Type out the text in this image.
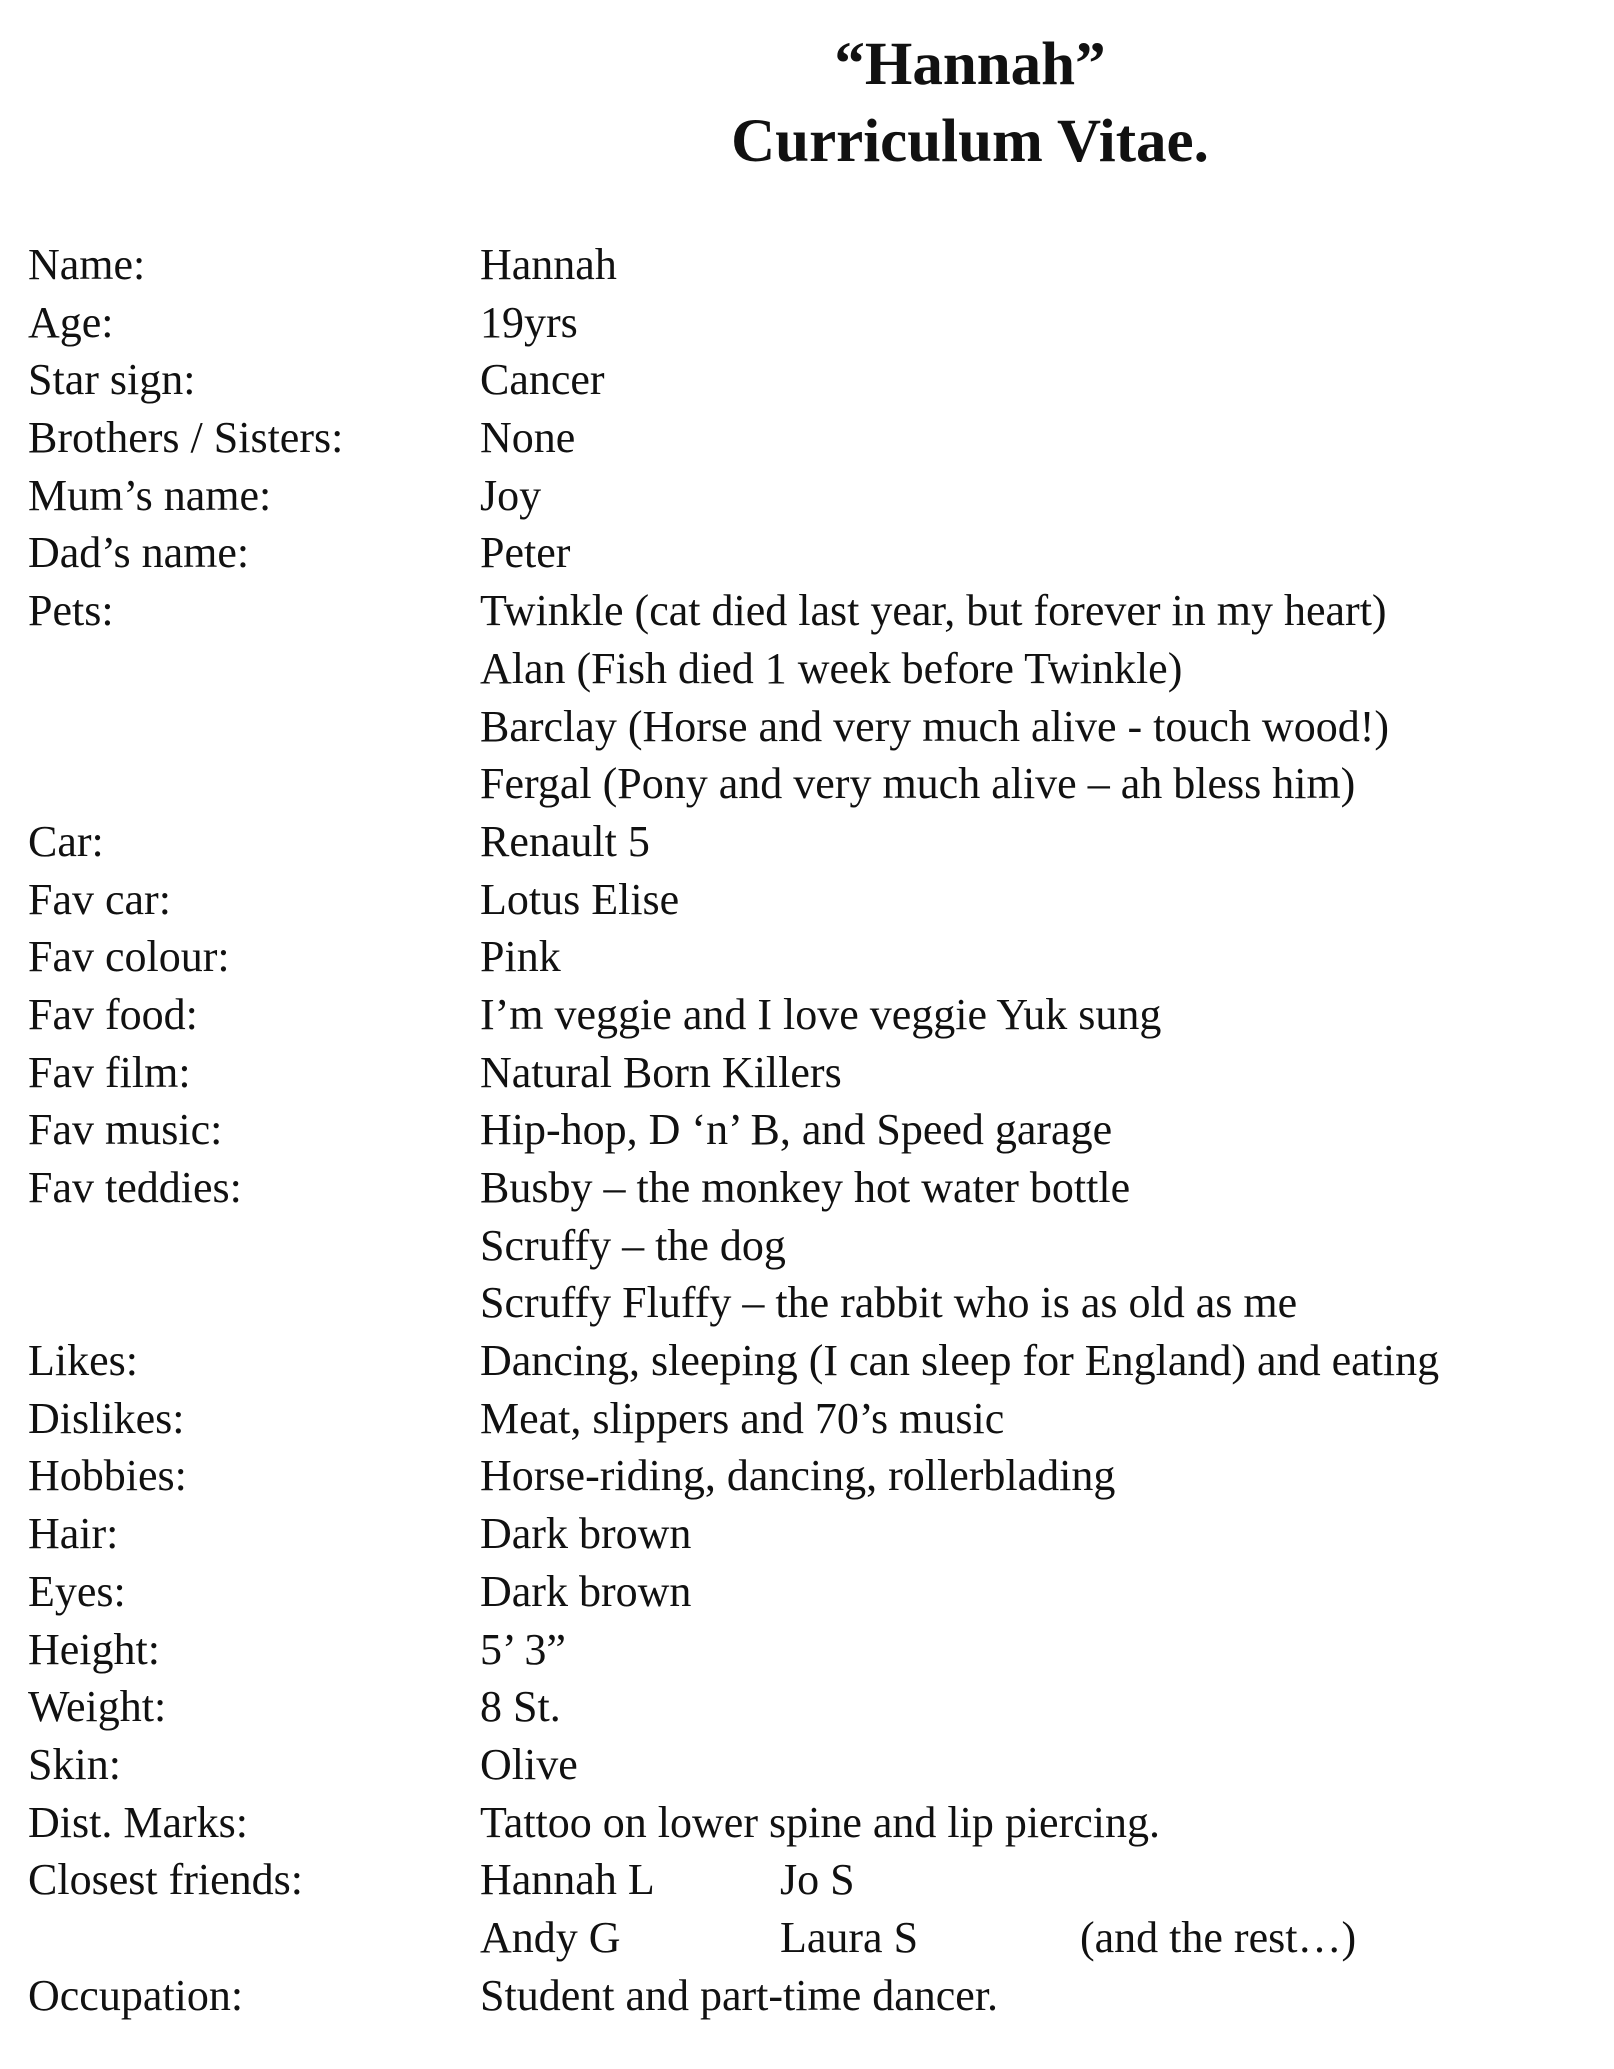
“Hannah”
Curriculum Vitae.
Name:	Hannah
Age:	19yrs
Star sign:	Cancer
Brothers / Sisters:	None
Mum’s name:	Joy
Dad’s name:	Peter
Pets:	Twinkle (cat died last year, but forever in my heart)
Alan (Fish died 1 week before Twinkle)
Barclay (Horse and very much alive - touch wood!)
Fergal (Pony and very much alive – ah bless him)
Car:	Renault 5
Fav car:	Lotus Elise
Fav colour:	Pink
Fav food:	I’m veggie and I love veggie Yuk sung
Fav film:	Natural Born Killers
Fav music:	Hip-hop, D ‘n’ B, and Speed garage
Fav teddies:	Busby – the monkey hot water bottle
Scruffy – the dog
Scruffy Fluffy – the rabbit who is as old as me
Likes:	Dancing, sleeping (I can sleep for England) and eating
Dislikes:	Meat, slippers and 70’s music
Hobbies:	Horse-riding, dancing, rollerblading
Hair:	Dark brown
Eyes:	Dark brown
Height:	5’ 3”
Weight:	8 St.
Skin:	Olive
Dist. Marks:	Tattoo on lower spine and lip piercing.
Closest friends:	Hannah L	Jo S
Andy G	Laura S	(and the rest…)
Occupation:	Student and part-time dancer.
